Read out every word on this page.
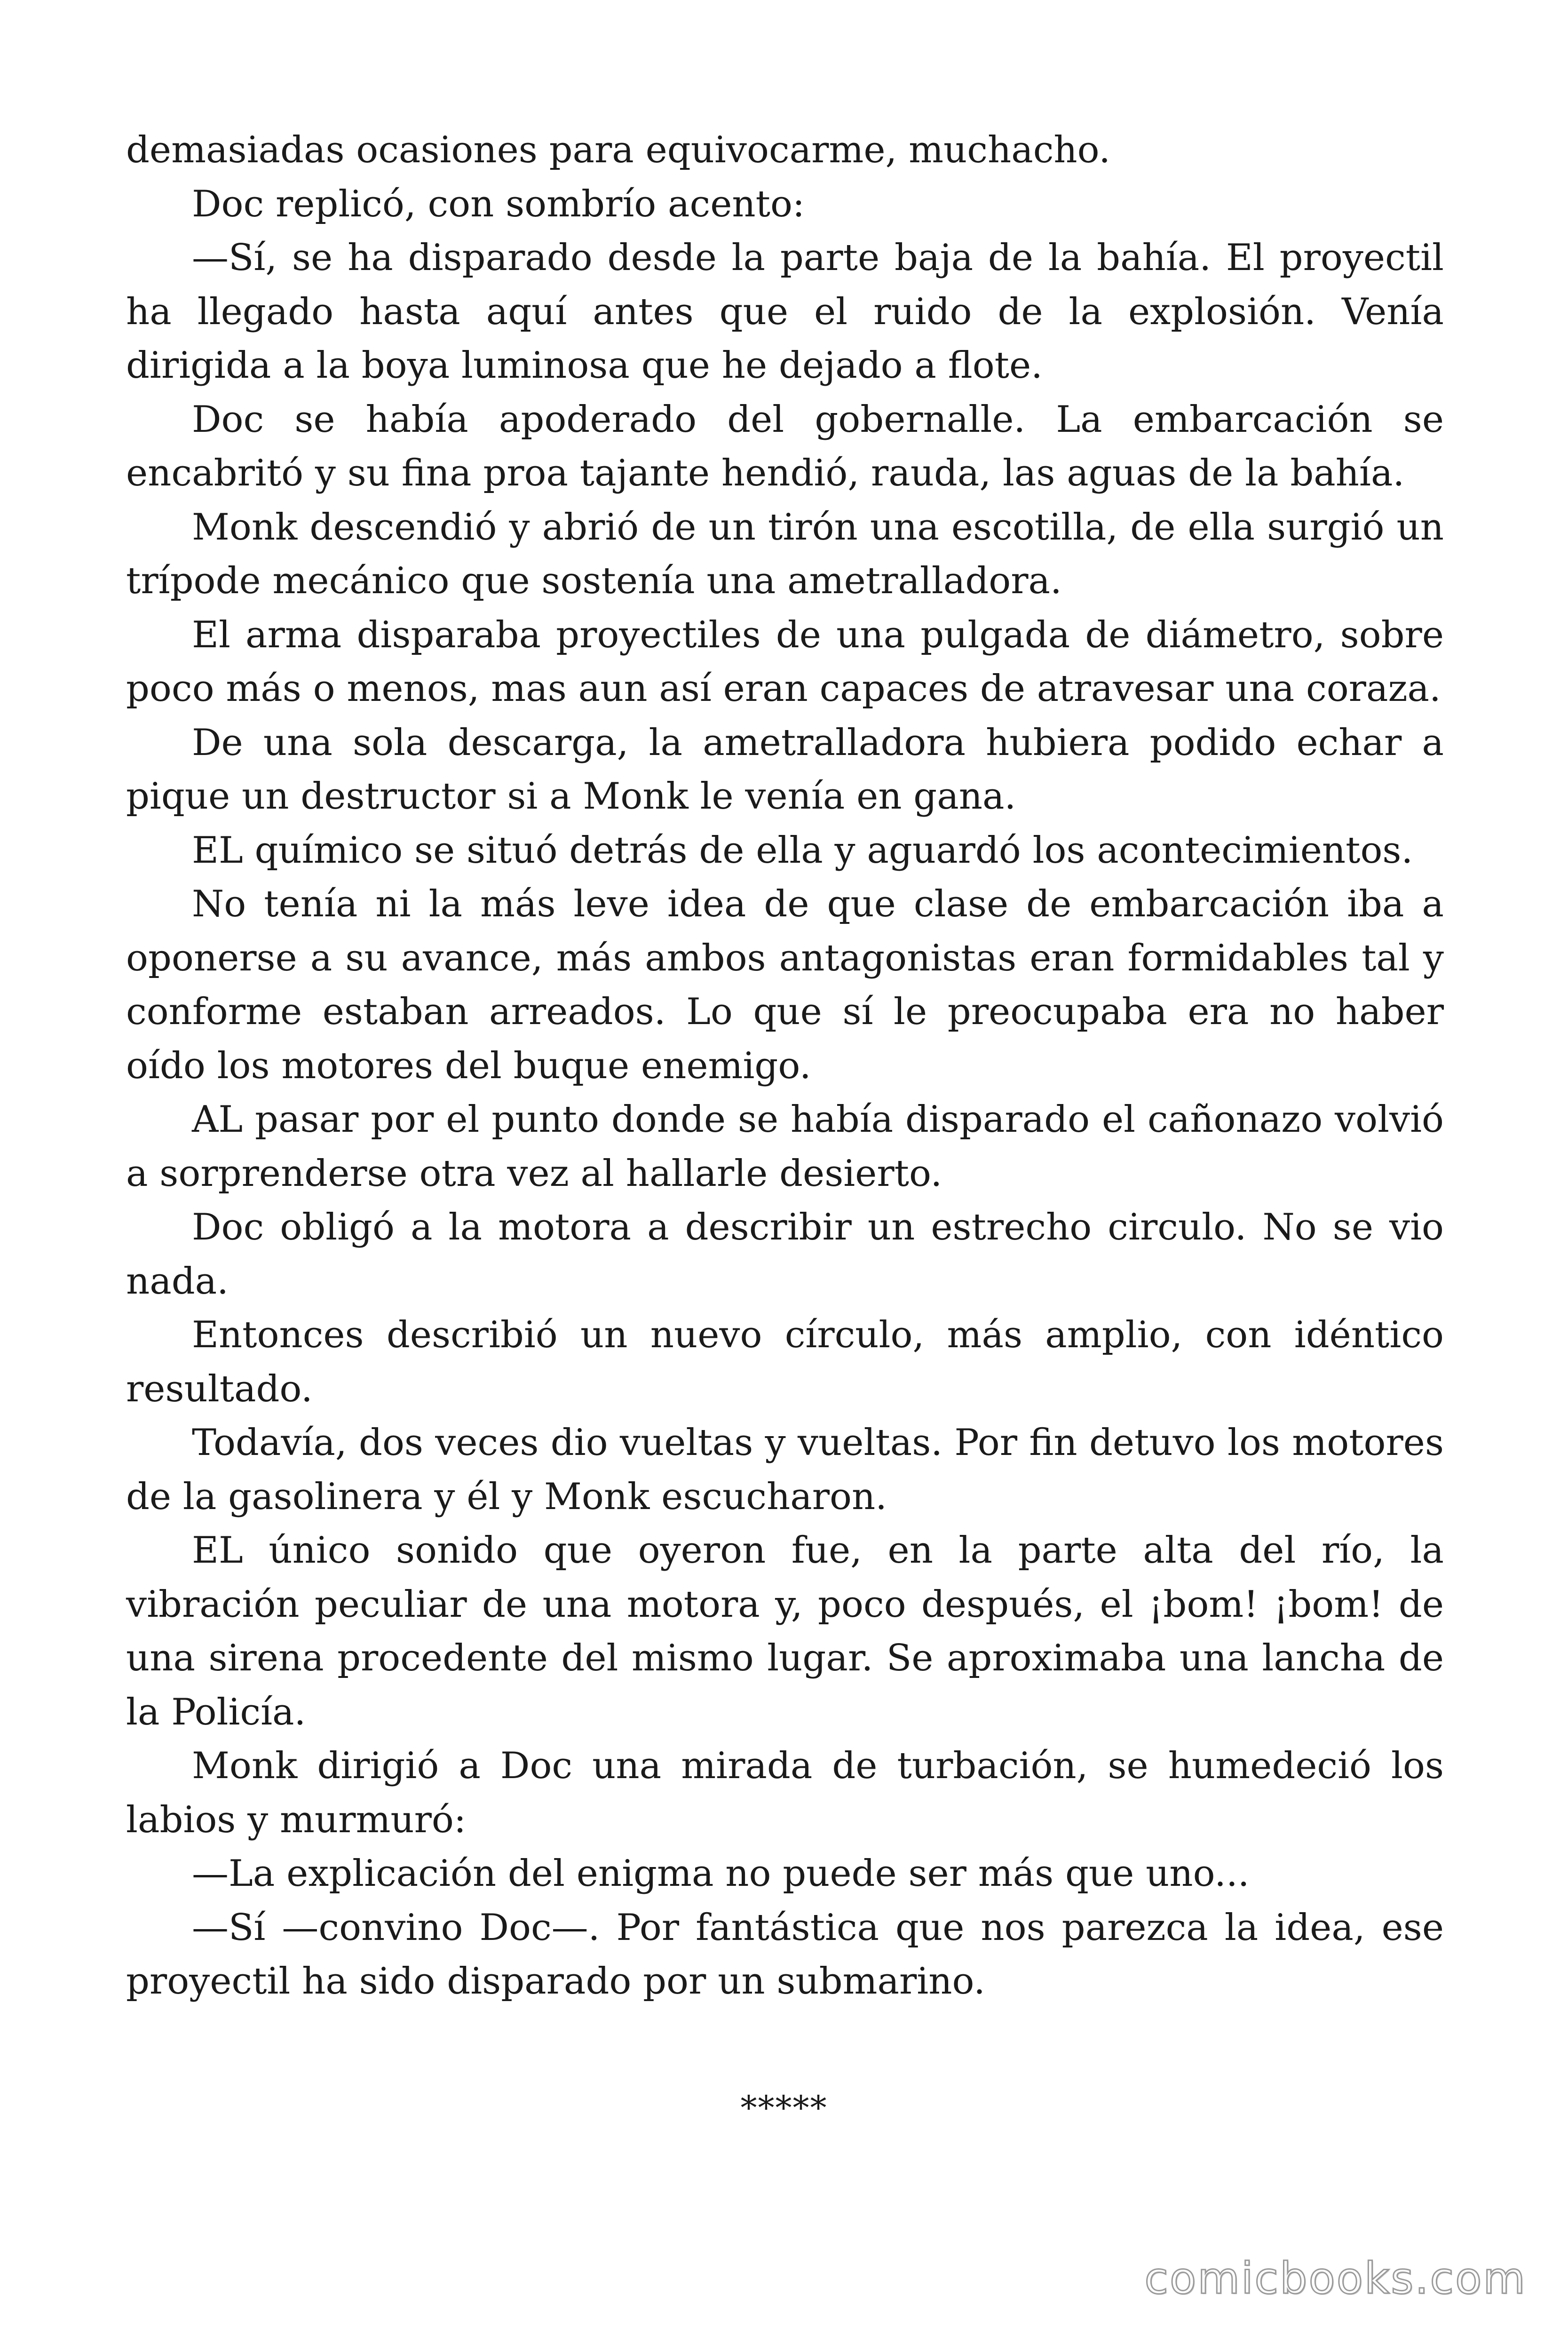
demasiadas ocasiones para equivocarme, muchacho.

Doc replicó, con sombrío acento:

—Sí, se ha disparado desde la parte baja de la bahía. El proyectil ha llegado hasta aquí antes que el ruido de la explosión. Venía dirigida a la boya luminosa que he dejado a flote.

Doc se había apoderado del gobernalle. La embarcación se encabritó y su fina proa tajante hendió, rauda, las aguas de la bahía.

Monk descendió y abrió de un tirón una escotilla, de ella surgió un trípode mecánico que sostenía una ametralladora.

El arma disparaba proyectiles de una pulgada de diámetro, sobre poco más o menos, mas aun así eran capaces de atravesar una coraza.

De una sola descarga, la ametralladora hubiera podido echar a pique un destructor si a Monk le venía en gana.

EL químico se situó detrás de ella y aguardó los acontecimientos.

No tenía ni la más leve idea de que clase de embarcación iba a oponerse a su avance, más ambos antagonistas eran formidables tal y conforme estaban arreados. Lo que sí le preocupaba era no haber oído los motores del buque enemigo.

AL pasar por el punto donde se había disparado el cañonazo volvió a sorprenderse otra vez al hallarle desierto.

Doc obligó a la motora a describir un estrecho circulo. No se vio nada.

Entonces describió un nuevo círculo, más amplio, con idéntico resultado.

Todavía, dos veces dio vueltas y vueltas. Por fin detuvo los motores de la gasolinera y él y Monk escucharon.

EL único sonido que oyeron fue, en la parte alta del río, la vibración peculiar de una motora y, poco después, el ¡bom! ¡bom! de una sirena procedente del mismo lugar. Se aproximaba una lancha de la Policía.

Monk dirigió a Doc una mirada de turbación, se humedeció los labios y murmuró:

—La explicación del enigma no puede ser más que uno...

—Sí —convino Doc—. Por fantástica que nos parezca la idea, ese proyectil ha sido disparado por un submarino.

*****
comicbooks.com
